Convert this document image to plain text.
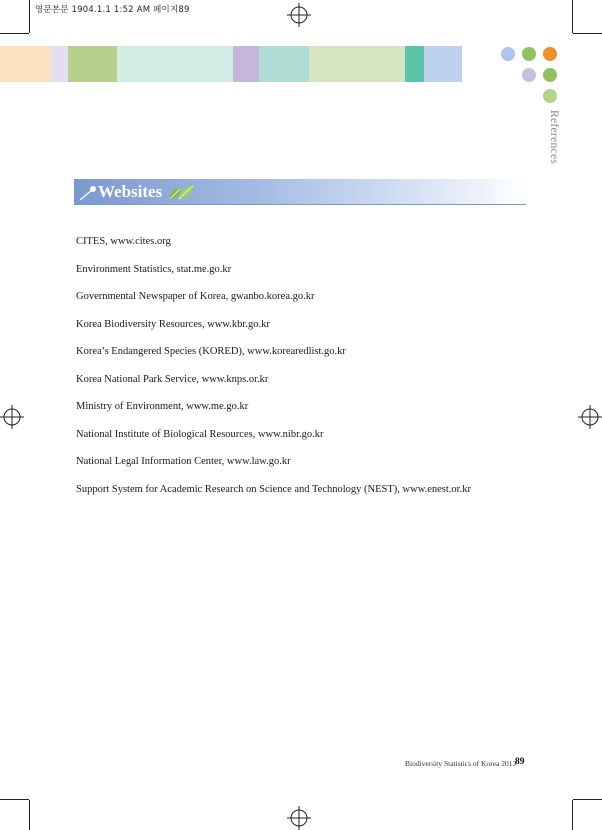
영문본문 1904.1.1 1:52 AM 페이지89
References
Websites
CITES, www.cites.org
Environment Statistics, stat.me.go.kr
Governmental Newspaper of Korea, gwanbo.korea.go.kr
Korea Biodiversity Resources, www.kbr.go.kr
Korea’s Endangered Species (KORED), www.korearedlist.go.kr
Korea National Park Service, www.knps.or.kr
Ministry of Environment, www.me.go.kr
National Institute of Biological Resources, www.nibr.go.kr
National Legal Information Center, www.law.go.kr
Support System for Academic Research on Science and Technology (NEST), www.enest.or.kr
Biodiversity Statistics of Korea 2013
89
